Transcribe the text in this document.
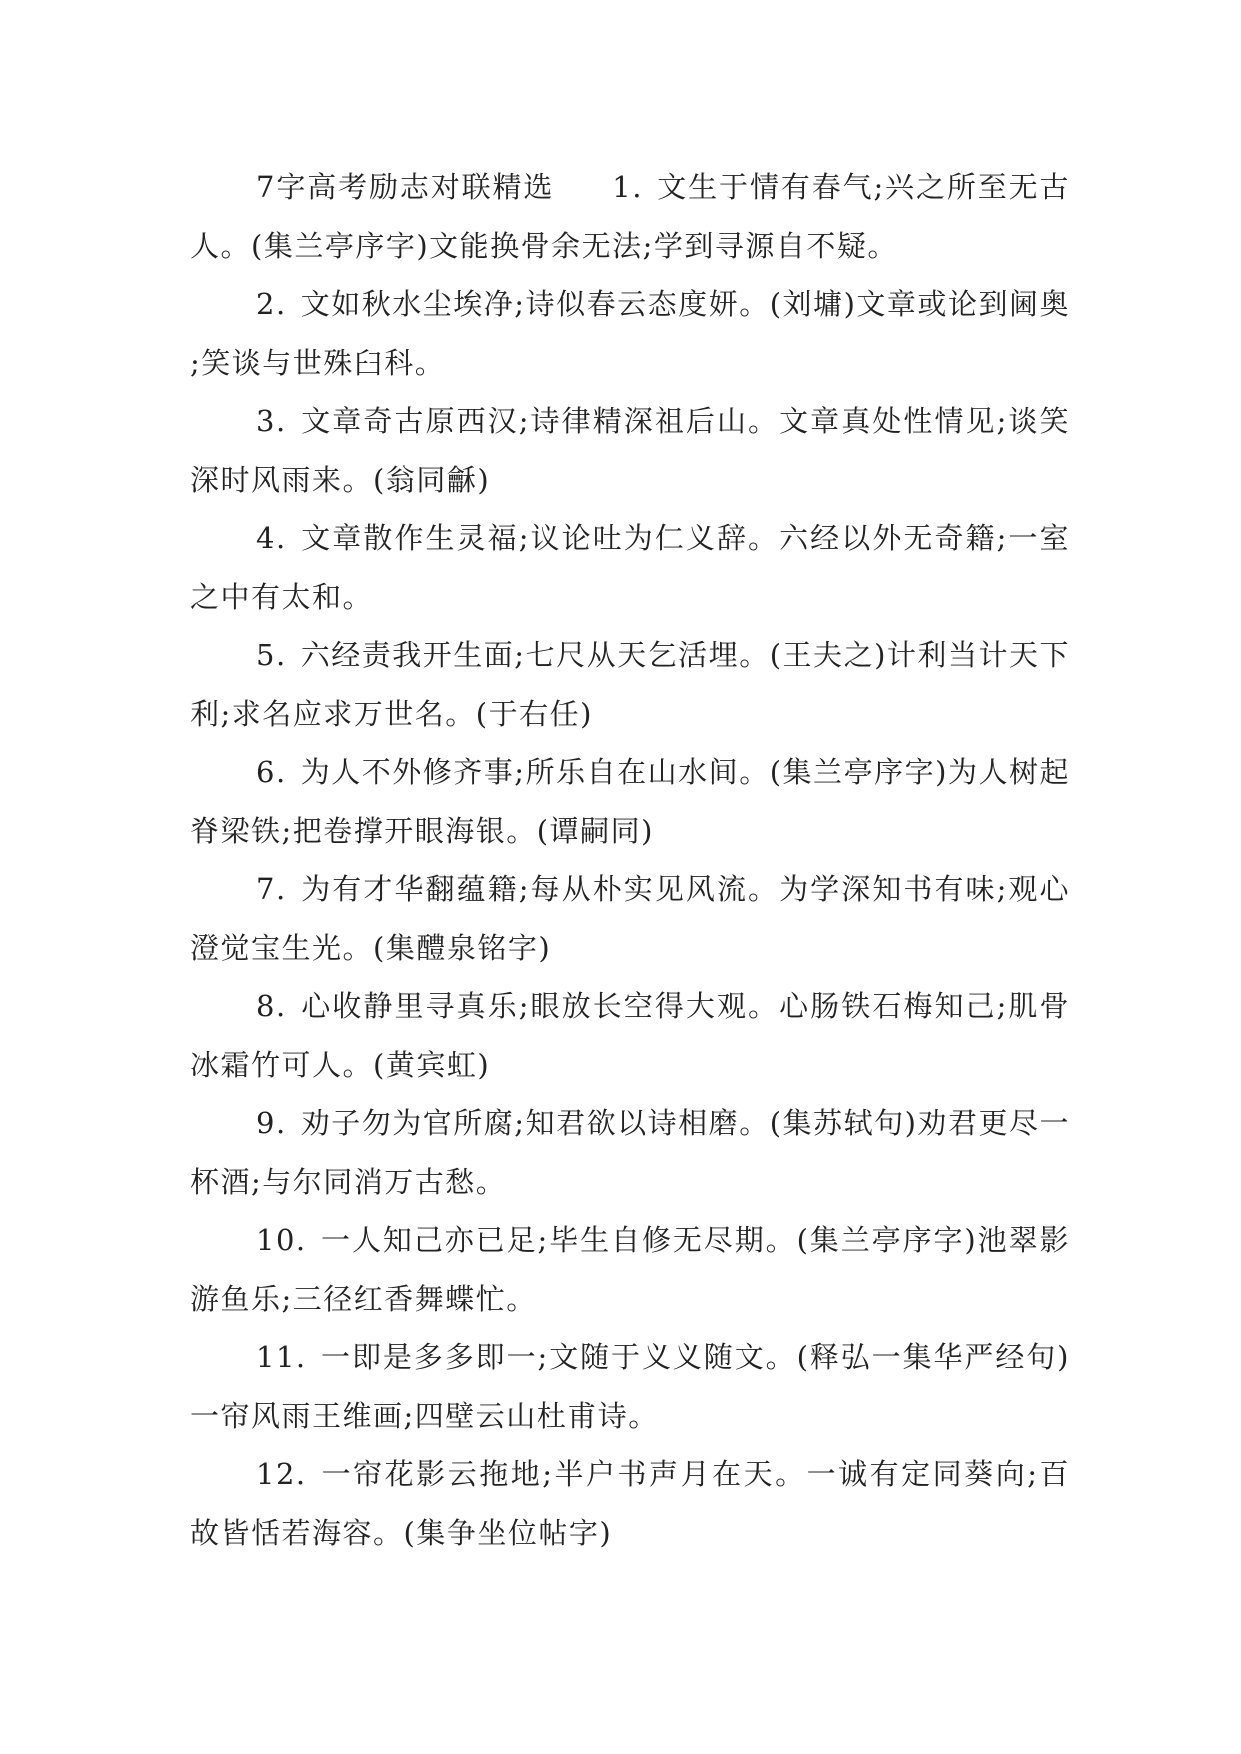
7字高考励志对联精选 1. 文生于情有春气;兴之所至无古人。(集兰亭序字)文能换骨余无法;学到寻源自不疑。

2. 文如秋水尘埃净;诗似春云态度妍。(刘墉)文章或论到阃奥;笑谈与世殊臼科。

3. 文章奇古原西汉;诗律精深祖后山。文章真处性情见;谈笑深时风雨来。(翁同龢)

4. 文章散作生灵福;议论吐为仁义辞。六经以外无奇籍;一室之中有太和。

5. 六经责我开生面;七尺从天乞活埋。(王夫之)计利当计天下利;求名应求万世名。(于右任)

6. 为人不外修齐事;所乐自在山水间。(集兰亭序字)为人树起脊梁铁;把卷撑开眼海银。(谭嗣同)

7. 为有才华翻蕴籍;每从朴实见风流。为学深知书有味;观心澄觉宝生光。(集醴泉铭字)

8. 心收静里寻真乐;眼放长空得大观。心肠铁石梅知己;肌骨冰霜竹可人。(黄宾虹)

9. 劝子勿为官所腐;知君欲以诗相磨。(集苏轼句)劝君更尽一杯酒;与尔同消万古愁。

10. 一人知己亦已足;毕生自修无尽期。(集兰亭序字)池翠影游鱼乐;三径红香舞蝶忙。

11. 一即是多多即一;文随于义义随文。(释弘一集华严经句)一帘风雨王维画;四壁云山杜甫诗。

12. 一帘花影云拖地;半户书声月在天。一诚有定同葵向;百故皆恬若海容。(集争坐位帖字)
